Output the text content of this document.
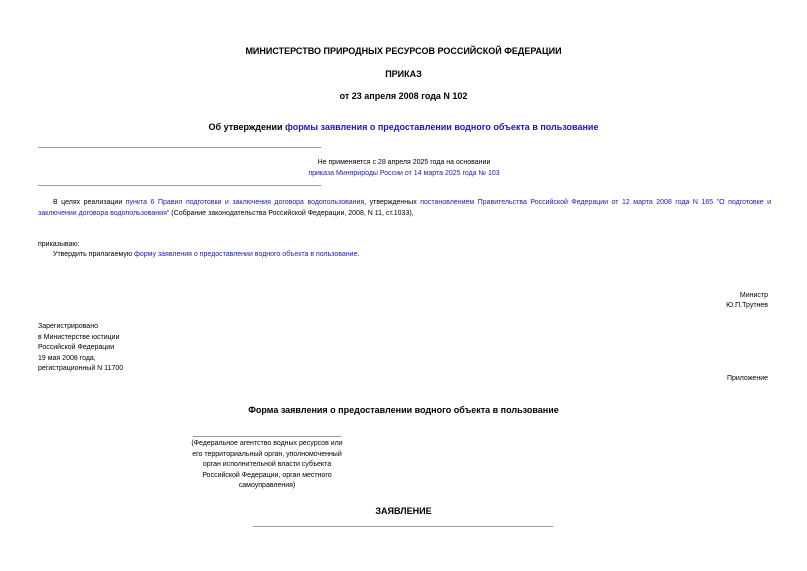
МИНИСТЕРСТВО ПРИРОДНЫХ РЕСУРСОВ РОССИЙСКОЙ ФЕДЕРАЦИИ
ПРИКАЗ
от 23 апреля 2008 года N 102
Об утверждении формы заявления о предоставлении водного объекта в пользование
Не применяется с 28 апреля 2025 года на основании
приказа Минприроды России от 14 марта 2025 года № 103
В целях реализации пункта 6 Правил подготовки и заключения договора водопользования, утвержденных постановлением Правительства Российской Федерации от 12 марта 2008 года N 165 "О подготовке и заключении договора водопользования" (Собрание законодательства Российской Федерации, 2008, N 11, ст.1033),
приказываю:
Утвердить прилагаемую форму заявления о предоставлении водного объекта в пользование.
Министр
Ю.П.Трутнев
Зарегистрировано
в Министерстве юстиции
Российской Федерации
19 мая 2008 года,
регистрационный N 11700
Приложение
Форма заявления о предоставлении водного объекта в пользование
(Федеральное агентство водных ресурсов или
его территориальный орган, уполномоченный
орган исполнительной власти субъекта
Российской Федерации, орган местного
самоуправления)
ЗАЯВЛЕНИЕ
